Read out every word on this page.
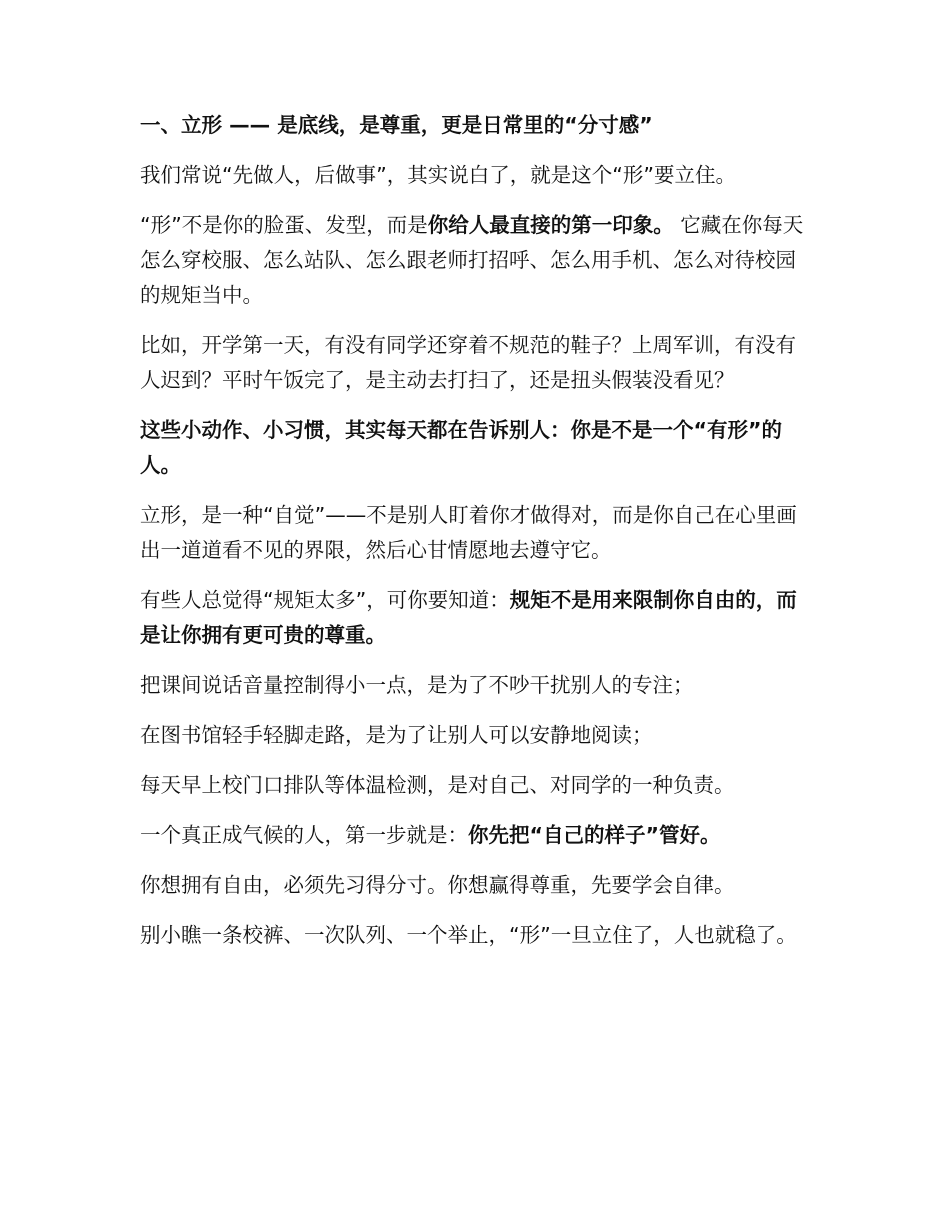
一、立形 —— 是底线，是尊重，更是日常里的“分寸感”
我们常说“先做人，后做事”，其实说白了，就是这个“形”要立住。
“形”不是你的脸蛋、发型，而是你给人最直接的第一印象。 它藏在你每天怎么穿校服、怎么站队、怎么跟老师打招呼、怎么用手机、怎么对待校园的规矩当中。
比如，开学第一天，有没有同学还穿着不规范的鞋子？上周军训，有没有人迟到？平时午饭完了，是主动去打扫了，还是扭头假装没看见？
这些小动作、小习惯，其实每天都在告诉别人：你是不是一个“有形”的人。
立形，是一种“自觉”——不是别人盯着你才做得对，而是你自己在心里画出一道道看不见的界限，然后心甘情愿地去遵守它。
有些人总觉得“规矩太多”，可你要知道：规矩不是用来限制你自由的，而是让你拥有更可贵的尊重。
把课间说话音量控制得小一点，是为了不吵干扰别人的专注；
在图书馆轻手轻脚走路，是为了让别人可以安静地阅读；
每天早上校门口排队等体温检测，是对自己、对同学的一种负责。
一个真正成气候的人，第一步就是：你先把“自己的样子”管好。
你想拥有自由，必须先习得分寸。你想赢得尊重，先要学会自律。
别小瞧一条校裤、一次队列、一个举止，“形”一旦立住了，人也就稳了。
